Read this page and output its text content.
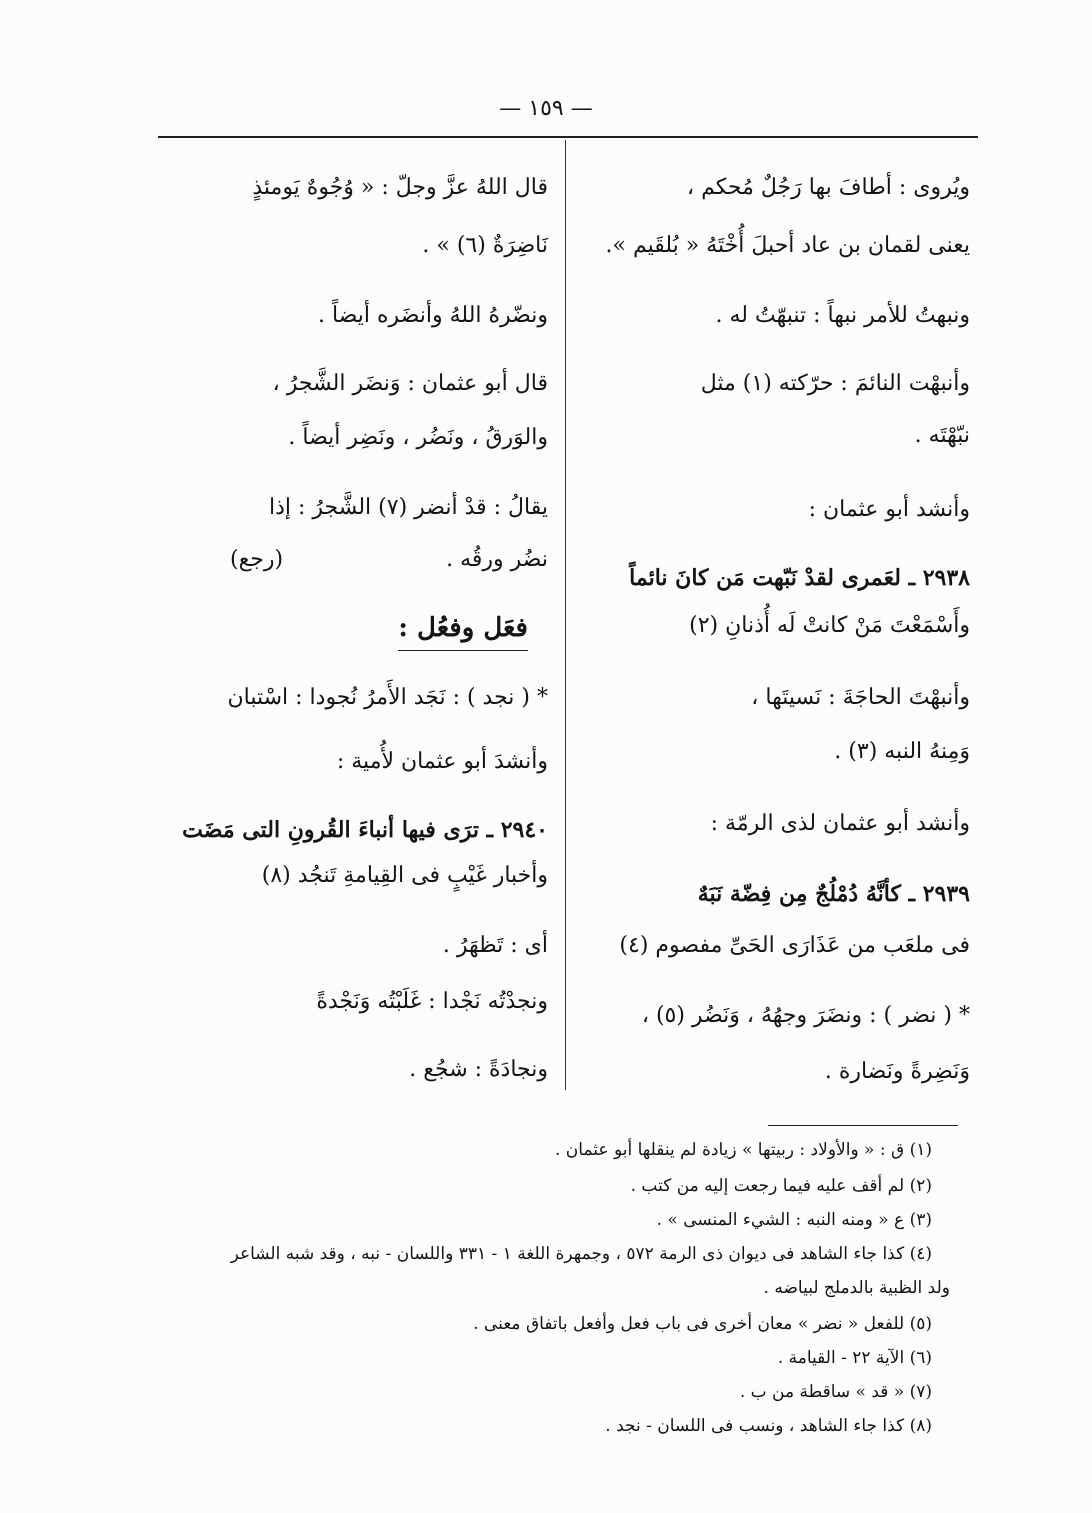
— ١٥٩ —
ويُروى : أطافَ بها رَجُلٌ مُحكم ،
يعنى لقمان بن عاد أحبلَ أُخْتَهُ « بُلقَيم ».
ونبهتُ للأمر نبهاً : تنبهّتُ له .
وأنبهْت النائمَ : حرّكته (١) مثل
نبّهْتَه .
وأنشد أبو عثمان :
٢٩٣٨ ـ لعَمرى لقدْ نَبّهت مَن كانَ نائماً
وأَسْمَعْتَ مَنْ كانتْ لَه أُذنانِ (٢)
وأنبهْتَ الحاجَةَ : نَسيتَها ،
وَمِنهُ النبه (٣) .
وأنشد أبو عثمان لذى الرمّة :
٢٩٣٩ ـ كأنَّهُ دُمْلُجٌ مِن فِضّة نَبَهٌ
فى ملعَب من عَذَارَى الحَىِّ مفصوم (٤)
* ( نضر ) : ونضَرَ وجهُهُ ، وَنَضُر (٥) ،
وَنَضِرةً ونَضارة .
قال اللهُ عزَّ وجلّ : « وُجُوهٌ يَومئذٍ
نَاضِرَةٌ (٦) » .
ونضّرهُ اللهُ وأنضَره أيضاً .
قال أبو عثمان : وَنضَر الشَّجرُ ،
والوَرقُ ، ونَضُر ، ونَضِر أيضاً .
يقالُ : قدْ أنضر (٧) الشَّجرُ : إذا
نضُر ورقُه .
(رجع)
فعَل وفعُل :
* ( نجد ) : نَجَد الأَمرُ نُجودا : اسْتبان
وأنشدَ أبو عثمان لأُمية :
٢٩٤٠ ـ ترَى فيها أنباءَ القُرونِ التى مَضَت
وأخبار غَيْبٍ فى القِيامةِ تَنجُد (٨)
أى : تَظهَرُ .
ونجدْتُه نَجْدا : غَلَبْتُه وَنَجْدةً
ونجادَةً : شجُع .
(١) ق : « والأولاد : ربيتها » زيادة لم ينقلها أبو عثمان .
(٢) لم أقف عليه فيما رجعت إليه من كتب .
(٣) ع « ومنه النبه : الشيء المنسى » .
(٤) كذا جاء الشاهد فى ديوان ذى الرمة ٥٧٢ ، وجمهرة اللغة ١ - ٣٣١ واللسان - نبه ، وقد شبه الشاعر
ولد الظبية بالدملج لبياضه .
(٥) للفعل « نضر » معان أخرى فى باب فعل وأفعل باتفاق معنى .
(٦) الآية ٢٢ - القيامة .
(٧) « قد » ساقطة من ب .
(٨) كذا جاء الشاهد ، ونسب فى اللسان - نجد .
